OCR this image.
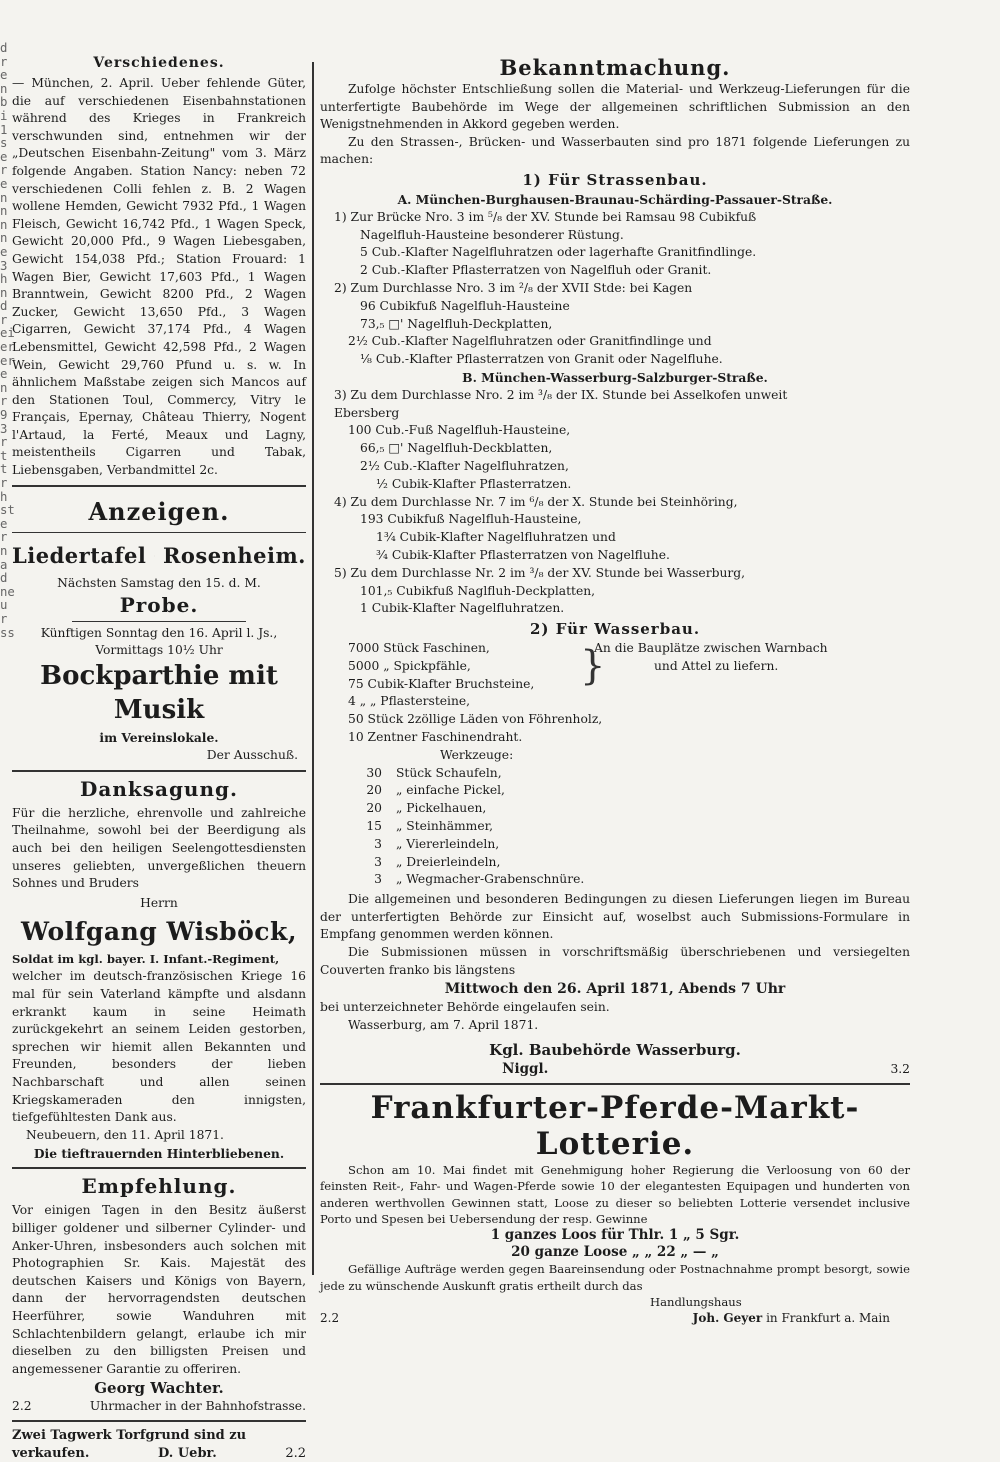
d
r
e
n
b
i
1
s
e
r
e
n
n
n
n
e
3
h
n
d
r
ei
er
er
e
n
r
9
3
r
t
t
r
h
st
e
r
n
a
d
ne
u
r
ss
Verschiedenes.

— München, 2. April. Ueber fehlende Güter, die auf verschiedenen Eisenbahnstationen während des Krieges in Frankreich verschwunden sind, entnehmen wir der „Deutschen Eisenbahn-Zeitung" vom 3. März folgende Angaben. Station Nancy: neben 72 verschiedenen Colli fehlen z. B. 2 Wagen wollene Hemden, Gewicht 7932 Pfd., 1 Wagen Fleisch, Gewicht 16,742 Pfd., 1 Wagen Speck, Gewicht 20,000 Pfd., 9 Wagen Liebesgaben, Gewicht 154,038 Pfd.; Station Frouard: 1 Wagen Bier, Gewicht 17,603 Pfd., 1 Wagen Branntwein, Gewicht 8200 Pfd., 2 Wagen Zucker, Gewicht 13,650 Pfd., 3 Wagen Cigarren, Gewicht 37,174 Pfd., 4 Wagen Lebensmittel, Gewicht 42,598 Pfd., 2 Wagen Wein, Gewicht 29,760 Pfund u. s. w. In ähnlichem Maßstabe zeigen sich Mancos auf den Stationen Toul, Commercy, Vitry le Français, Epernay, Château Thierry, Nogent l'Artaud, la Ferté, Meaux und Lagny, meistentheils Cigarren und Tabak, Liebensgaben, Verbandmittel 2c.

Anzeigen.
Liedertafel Rosenheim.
Nächsten Samstag den 15. d. M.
Probe.
Künftigen Sonntag den 16. April l. Js.,
Vormittags 10½ Uhr
Bockparthie mit Musik
im Vereinslokale.
Der Ausschuß.
Danksagung.

Für die herzliche, ehrenvolle und zahlreiche Theilnahme, sowohl bei der Beerdigung als auch bei den heiligen Seelengottesdiensten unseres geliebten, unvergeßlichen theuern Sohnes und Bruders

Herrn
Wolfgang Wisböck,
Soldat im kgl. bayer. I. Infant.-Regiment,

welcher im deutsch-französischen Kriege 16 mal für sein Vaterland kämpfte und alsdann erkrankt kaum in seine Heimath zurückgekehrt an seinem Leiden gestorben, sprechen wir hiemit allen Bekannten und Freunden, besonders der lieben Nachbarschaft und allen seinen Kriegskameraden den innigsten, tiefgefühltesten Dank aus.

Neubeuern, den 11. April 1871.
Die tieftrauernden Hinterbliebenen.
Empfehlung.

Vor einigen Tagen in den Besitz äußerst billiger goldener und silberner Cylinder- und Anker-Uhren, insbesonders auch solchen mit Photographien Sr. Kais. Majestät des deutschen Kaisers und Königs von Bayern, dann der hervorragendsten deutschen Heerführer, sowie Wanduhren mit Schlachtenbildern gelangt, erlaube ich mir dieselben zu den billigsten Preisen und angemessener Garantie zu offeriren.

Georg Wachter.
2.2	Uhrmacher in der Bahnhofstrasse.
Zwei Tagwerk Torfgrund sind zu
verkaufen.	D. Uebr.	2.2
Bekanntmachung.

Zufolge höchster Entschließung sollen die Material- und Werkzeug-Lieferungen für die unterfertigte Baubehörde im Wege der allgemeinen schriftlichen Submission an den Wenigstnehmenden in Akkord gegeben werden.

Zu den Strassen-, Brücken- und Wasserbauten sind pro 1871 folgende Lieferungen zu machen:

1) Für Strassenbau.
A. München-Burghausen-Braunau-Schärding-Passauer-Straße.
1) Zur Brücke Nro. 3 im ⁵/₈ der XV. Stunde bei Ramsau 98 Cubikfuß
Nagelfluh-Hausteine besonderer Rüstung.
5 Cub.-Klafter Nagelfluhratzen oder lagerhafte Granitfindlinge.
2 Cub.-Klafter Pflasterratzen von Nagelfluh oder Granit.
2) Zum Durchlasse Nro. 3 im ²/₈ der XVII Stde: bei Kagen
96 Cubikfuß Nagelfluh-Hausteine
73,₅ □' Nagelfluh-Deckplatten,
2½ Cub.-Klafter Nagelfluhratzen oder Granitfindlinge und
⅛ Cub.-Klafter Pflasterratzen von Granit oder Nagelfluhe.
B. München-Wasserburg-Salzburger-Straße.
3) Zu dem Durchlasse Nro. 2 im ³/₈ der IX. Stunde bei Asselkofen unweit
Ebersberg
100 Cub.-Fuß Nagelfluh-Hausteine,
66,₅ □' Nagelfluh-Deckblatten,
2½ Cub.-Klafter Nagelfluhratzen,
½ Cubik-Klafter Pflasterratzen.
4) Zu dem Durchlasse Nr. 7 im ⁶/₈ der X. Stunde bei Steinhöring,
193 Cubikfuß Nagelfluh-Hausteine,
1¾ Cubik-Klafter Nagelfluhratzen und
¾ Cubik-Klafter Pflasterratzen von Nagelfluhe.
5) Zu dem Durchlasse Nr. 2 im ³/₈ der XV. Stunde bei Wasserburg,
101,₅ Cubikfuß Naglfluh-Deckplatten,
1 Cubik-Klafter Nagelfluhratzen.
2) Für Wasserbau.
7000 Stück Faschinen,
5000 „ Spickpfähle,
75 Cubik-Klafter Bruchsteine,
4 „ „ Pflastersteine,
}
An die Bauplätze zwischen Warnbach
und Attel zu liefern.
50 Stück 2zöllige Läden von Föhrenholz,
10 Zentner Faschinendraht.
Werkzeuge:
30 Stück Schaufeln,
20 „ einfache Pickel,
20 „ Pickelhauen,
15 „ Steinhämmer,
3 „ Viererleindeln,
3 „ Dreierleindeln,
3 „ Wegmacher-Grabenschnüre.

Die allgemeinen und besonderen Bedingungen zu diesen Lieferungen liegen im Bureau der unterfertigten Behörde zur Einsicht auf, woselbst auch Submissions-Formulare in Empfang genommen werden können.

Die Submissionen müssen in vorschriftsmäßig überschriebenen und versiegelten Couverten franko bis längstens

Mittwoch den 26. April 1871, Abends 7 Uhr
bei unterzeichneter Behörde eingelaufen sein.
Wasserburg, am 7. April 1871.
Kgl. Baubehörde Wasserburg.
Niggl.	3.2
Frankfurter-Pferde-Markt-Lotterie.

Schon am 10. Mai findet mit Genehmigung hoher Regierung die Verloosung von 60 der feinsten Reit-, Fahr- und Wagen-Pferde sowie 10 der elegantesten Equipagen und hunderten von anderen werthvollen Gewinnen statt, Loose zu dieser so beliebten Lotterie versendet inclusive Porto und Spesen bei Uebersendung der resp. Gewinne

1 ganzes Loos für Thlr. 1 „ 5 Sgr.
20 ganze Loose „ „ 22 „ — „

Gefällige Aufträge werden gegen Baareinsendung oder Postnachnahme prompt besorgt, sowie jede zu wünschende Auskunft gratis ertheilt durch das

Handlungshaus
2.2	Joh. Geyer in Frankfurt a. Main
